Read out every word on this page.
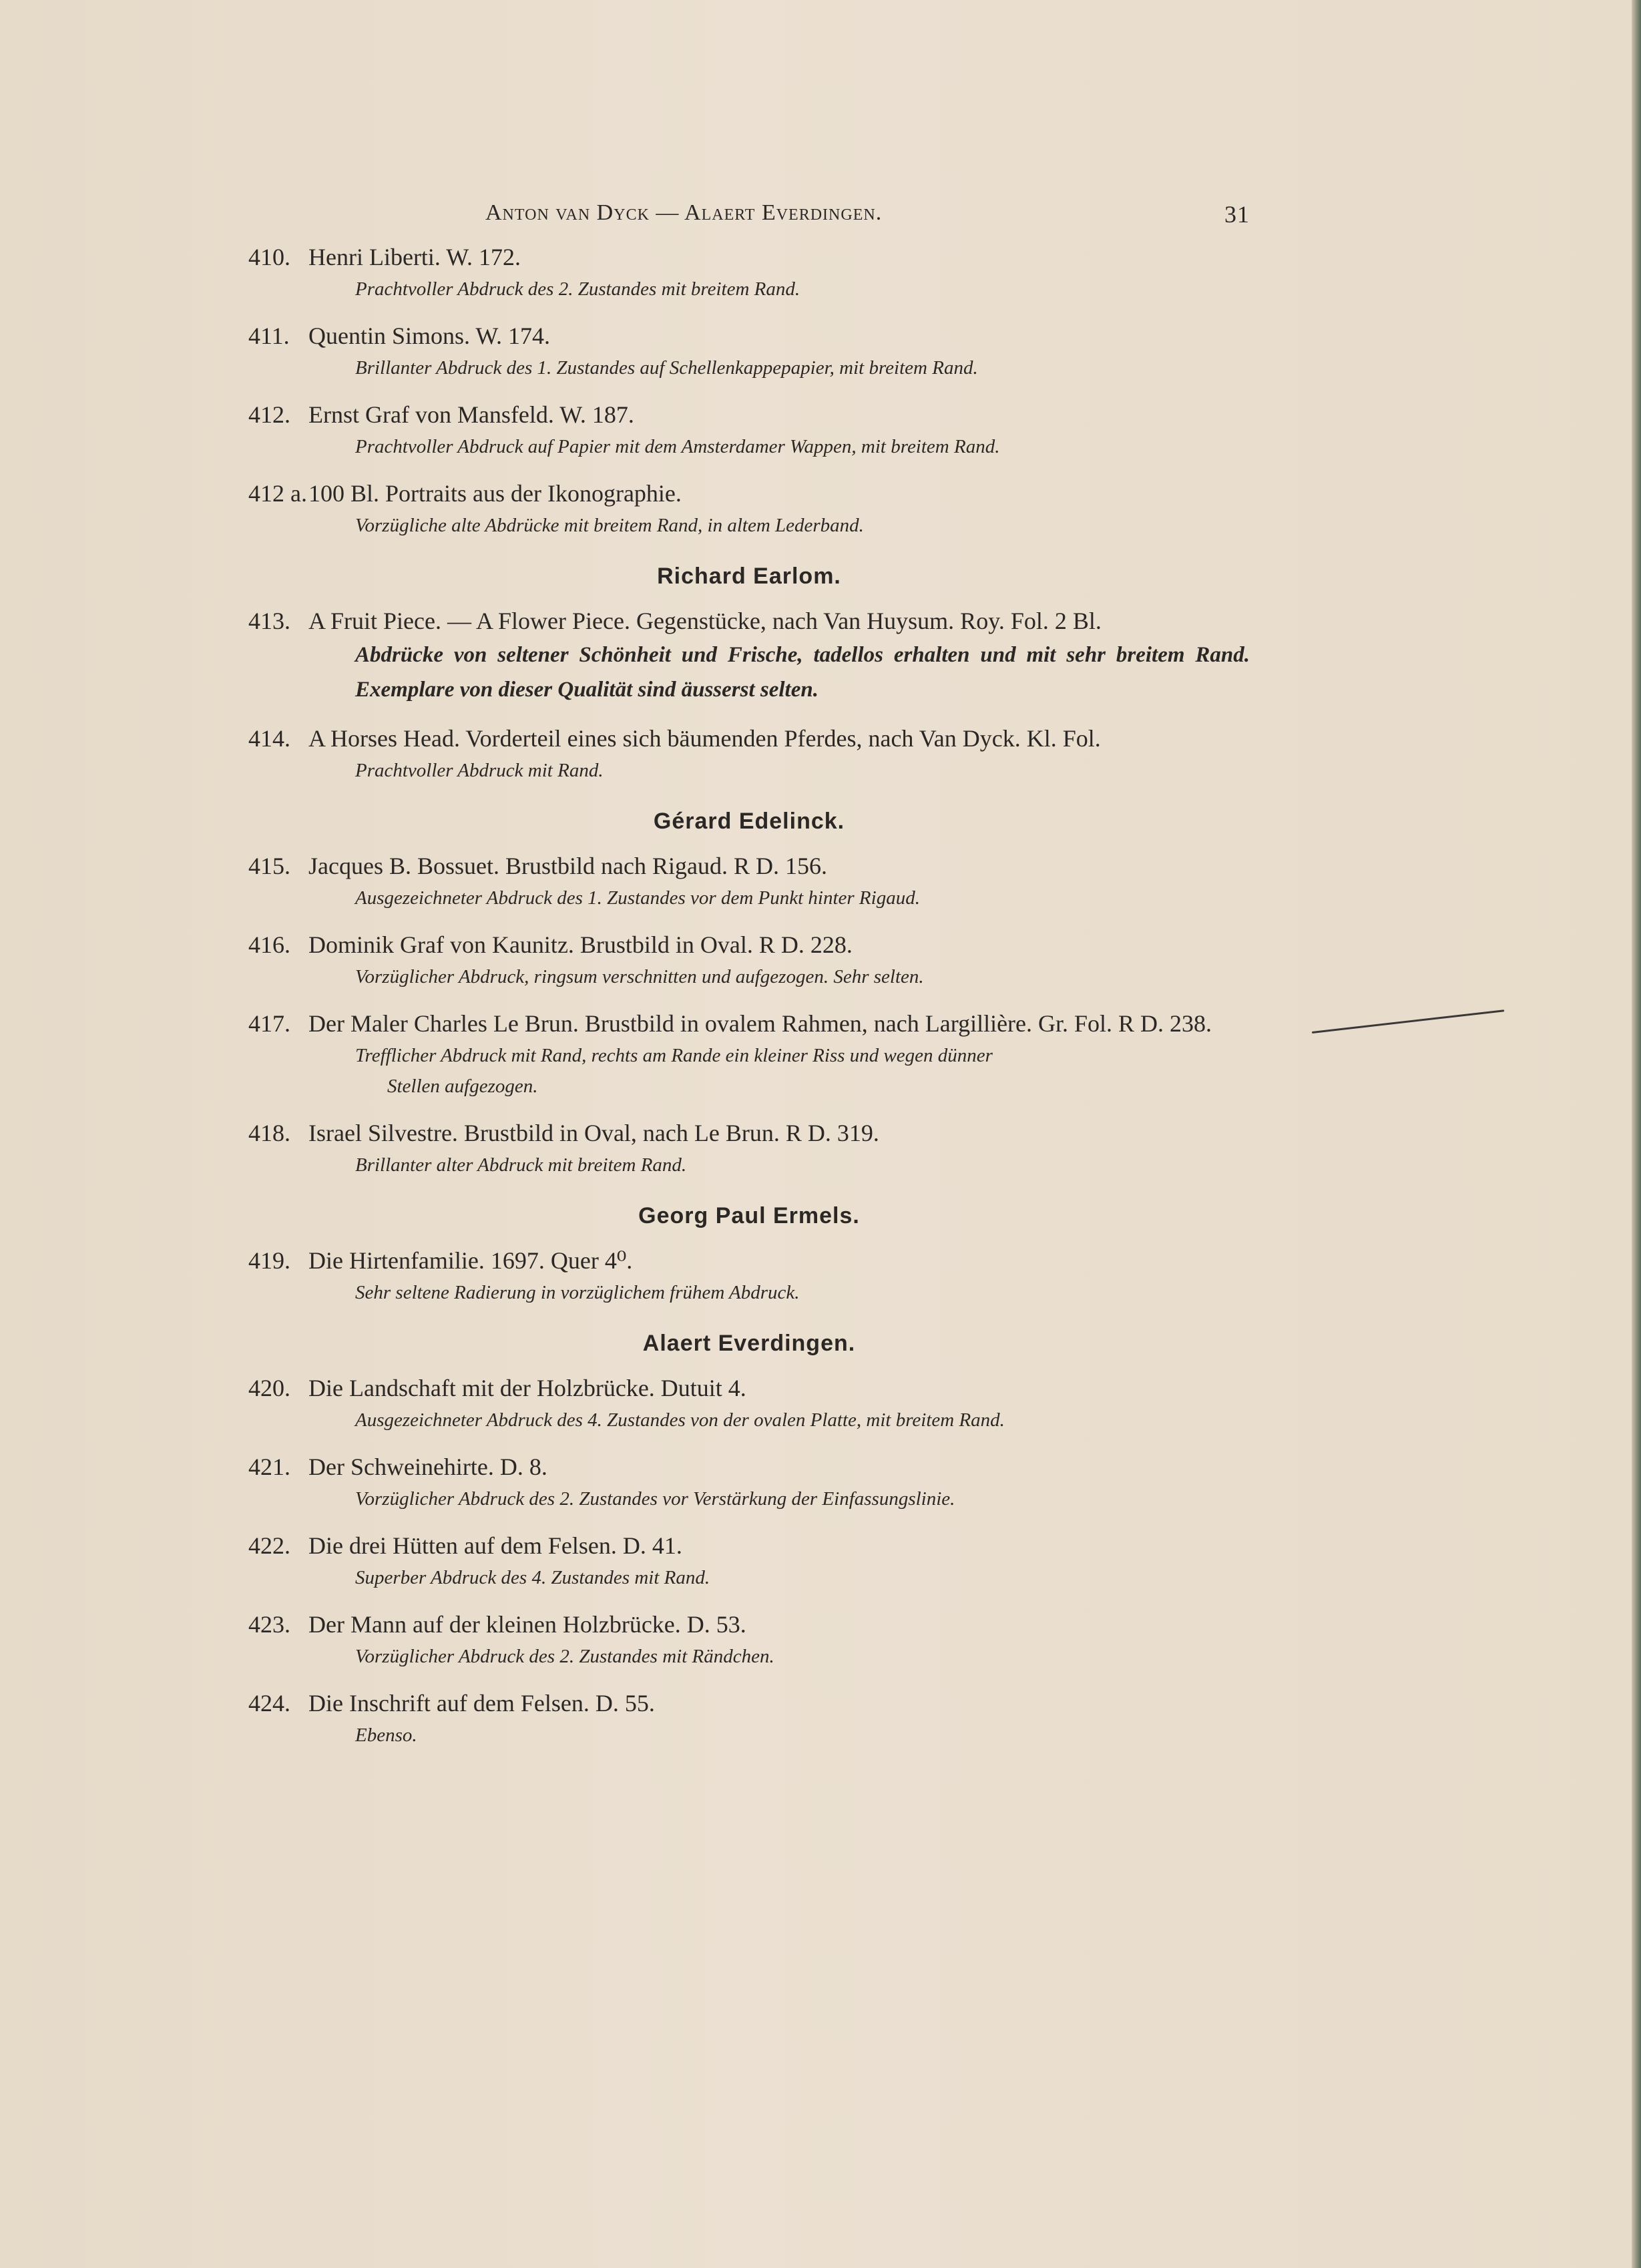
Anton van Dyck — Alaert Everdingen.	31
410. Henri Liberti. W. 172.
Prachtvoller Abdruck des 2. Zustandes mit breitem Rand.
411. Quentin Simons. W. 174.
Brillanter Abdruck des 1. Zustandes auf Schellenkappepapier, mit breitem Rand.
412. Ernst Graf von Mansfeld. W. 187.
Prachtvoller Abdruck auf Papier mit dem Amsterdamer Wappen, mit breitem Rand.
412 a.100 Bl. Portraits aus der Ikonographie.
Vorzügliche alte Abdrücke mit breitem Rand, in altem Lederband.
Richard Earlom.
413. A Fruit Piece. — A Flower Piece. Gegenstücke, nach Van Huysum. Roy. Fol. 2 Bl.
Abdrücke von seltener Schönheit und Frische, tadellos erhalten und mit sehr breitem Rand. Exemplare von dieser Qualität sind äusserst selten.
414. A Horses Head. Vorderteil eines sich bäumenden Pferdes, nach Van Dyck. Kl. Fol.
Prachtvoller Abdruck mit Rand.
Gérard Edelinck.
415. Jacques B. Bossuet. Brustbild nach Rigaud. R D. 156.
Ausgezeichneter Abdruck des 1. Zustandes vor dem Punkt hinter Rigaud.
416. Dominik Graf von Kaunitz. Brustbild in Oval. R D. 228.
Vorzüglicher Abdruck, ringsum verschnitten und aufgezogen. Sehr selten.
417. Der Maler Charles Le Brun. Brustbild in ovalem Rahmen, nach Largillière. Gr. Fol. R D. 238.
Trefflicher Abdruck mit Rand, rechts am Rande ein kleiner Riss und wegen dünner
Stellen aufgezogen.
418. Israel Silvestre. Brustbild in Oval, nach Le Brun. R D. 319.
Brillanter alter Abdruck mit breitem Rand.
Georg Paul Ermels.
419. Die Hirtenfamilie. 1697. Quer 4⁰.
Sehr seltene Radierung in vorzüglichem frühem Abdruck.
Alaert Everdingen.
420. Die Landschaft mit der Holzbrücke. Dutuit 4.
Ausgezeichneter Abdruck des 4. Zustandes von der ovalen Platte, mit breitem Rand.
421. Der Schweinehirte. D. 8.
Vorzüglicher Abdruck des 2. Zustandes vor Verstärkung der Einfassungslinie.
422. Die drei Hütten auf dem Felsen. D. 41.
Superber Abdruck des 4. Zustandes mit Rand.
423. Der Mann auf der kleinen Holzbrücke. D. 53.
Vorzüglicher Abdruck des 2. Zustandes mit Rändchen.
424. Die Inschrift auf dem Felsen. D. 55.
Ebenso.
